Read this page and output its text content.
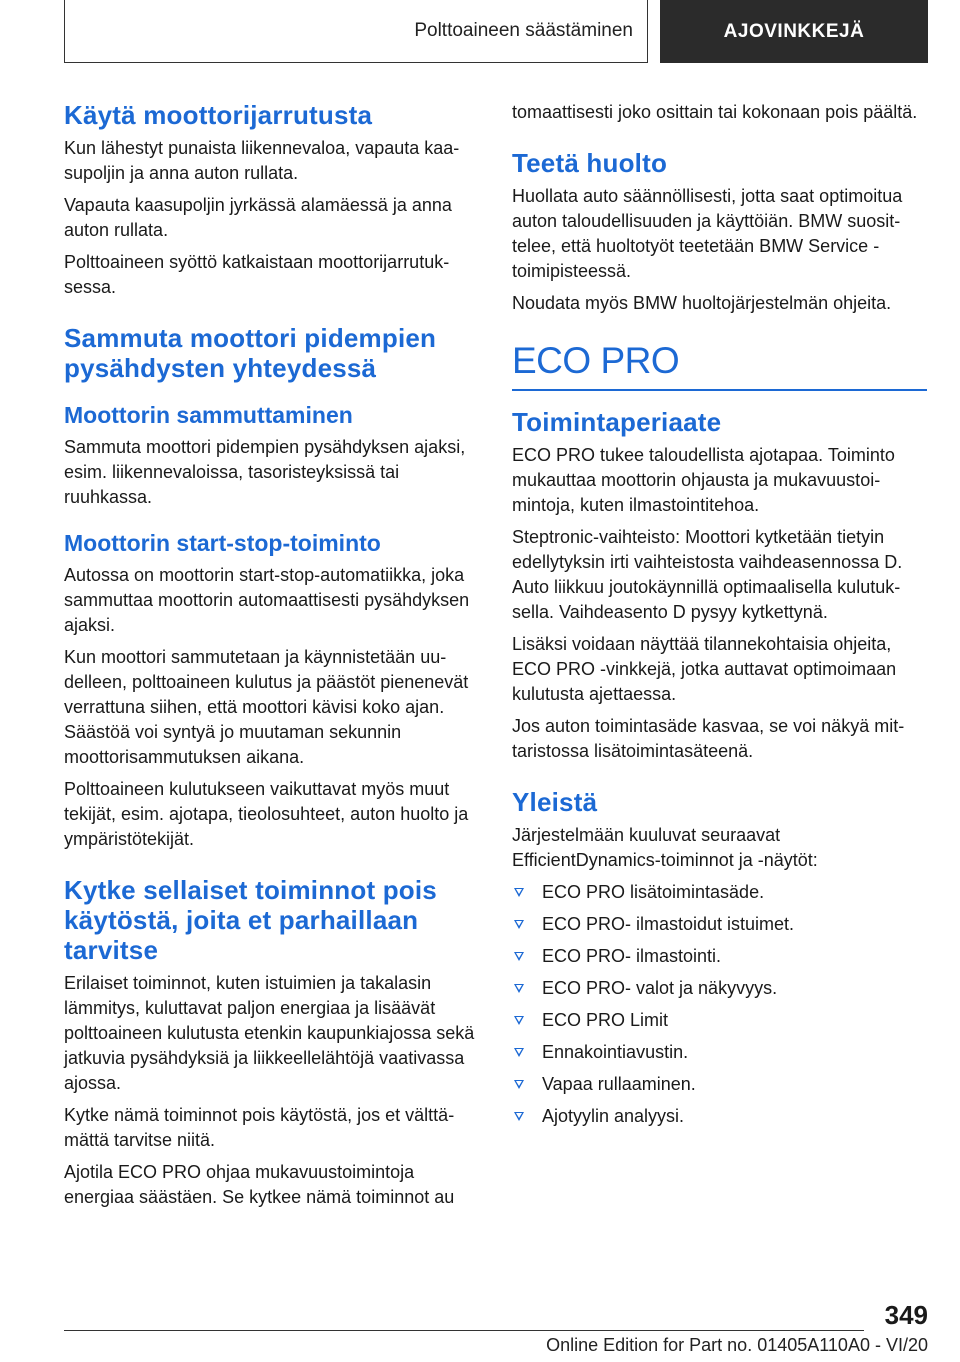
Polttoaineen säästäminen	AJOVINKKEJÄ
Käytä moottorijarrutusta

Kun lähestyt punaista liikennevaloa, vapauta kaasupoljin ja anna auton rullata.

Vapauta kaasupoljin jyrkässä alamäessä ja anna auton rullata.

Polttoaineen syöttö katkaistaan moottorijarrutuksessa.

Sammuta moottori pidempien pysähdysten yhteydessä
Moottorin sammuttaminen

Sammuta moottori pidempien pysähdyksen ajaksi, esim. liikennevaloissa, tasoristeyksissä tai ruuhkassa.

Moottorin start-stop-toiminto

Autossa on moottorin start-stop-automatiikka, joka sammuttaa moottorin automaattisesti pysähdyksen ajaksi.

Kun moottori sammutetaan ja käynnistetään uudelleen, polttoaineen kulutus ja päästöt pienenevät verrattuna siihen, että moottori kävisi koko ajan. Säästöä voi syntyä jo muutaman sekunnin moottorisammutuksen aikana.

Polttoaineen kulutukseen vaikuttavat myös muut tekijät, esim. ajotapa, tieolosuhteet, auton huolto ja ympäristötekijät.

Kytke sellaiset toiminnot pois käytöstä, joita et parhaillaan tarvitse

Erilaiset toiminnot, kuten istuimien ja takalasin lämmitys, kuluttavat paljon energiaa ja lisäävät polttoaineen kulutusta etenkin kaupunkiajossa sekä jatkuvia pysähdyksiä ja liikkeellelähtöjä vaativassa ajossa.

Kytke nämä toiminnot pois käytöstä, jos et välttämättä tarvitse niitä.

Ajotila ECO PRO ohjaa mukavuustoimintoja energiaa säästäen. Se kytkee nämä toiminnot au

tomaattisesti joko osittain tai kokonaan pois päältä.

Teetä huolto

Huollata auto säännöllisesti, jotta saat optimoitua auton taloudellisuuden ja käyttöiän. BMW suosittelee, että huoltotyöt teetetään BMW Service -toimipisteessä.

Noudata myös BMW huoltojärjestelmän ohjeita.

ECO PRO
Toimintaperiaate

ECO PRO tukee taloudellista ajotapaa. Toiminto mukauttaa moottorin ohjausta ja mukavuustoimintoja, kuten ilmastointitehoa.

Steptronic-vaihteisto: Moottori kytketään tietyin edellytyksin irti vaihteistosta vaihdeasennossa D. Auto liikkuu joutokäynnillä optimaalisella kulutuksella. Vaihdeasento D pysyy kytkettynä.

Lisäksi voidaan näyttää tilannekohtaisia ohjeita, ECO PRO -vinkkejä, jotka auttavat optimoimaan kulutusta ajettaessa.

Jos auton toimintasäde kasvaa, se voi näkyä mittaristossa lisätoimintasäteenä.

Yleistä

Järjestelmään kuuluvat seuraavat EfficientDynamics-toiminnot ja -näytöt:

ECO PRO lisätoimintasäde.
ECO PRO- ilmastoidut istuimet.
ECO PRO- ilmastointi.
ECO PRO- valot ja näkyvyys.
ECO PRO Limit
Ennakointiavustin.
Vapaa rullaaminen.
Ajotyylin analyysi.
349
Online Edition for Part no. 01405A110A0 - VI/20
